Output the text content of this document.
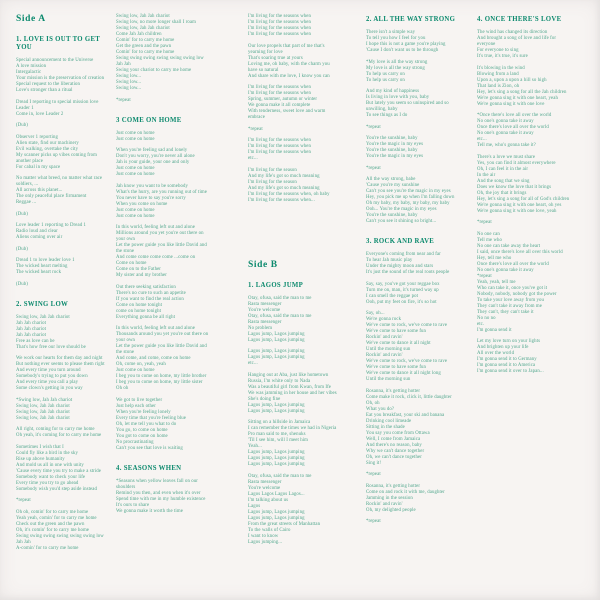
Side A
1. LOVE IS OUT TO GET YOU
Special announcement to the Universe
A love mission
Intergalactic
Your mission is the preservation of creation
Special request to the liberation
Love's stronger than a ritual
Dread I reporting to special mission love
Leader 1
Come in, love Leader 2
(Dub)
Observer 1 reporting
Alien state, find our machinery
Evil walking, overtake the city
My scanner picks up vibes coming from
another place
For cabal in my space
No matter what breed, no matter what race
soldiers, ...
All across this planet...
The only peaceful place firmament
Reggae ...
(Dub)
Love leader 1 reporting to Dread 1
Radio loud and clear
Aliens coming over air
(Dub)
Dread 1 to love leader love 1
The wicked heart melting
The wicked heart rock
(Dub)
2. SWING LOW
Swing low, Jah Jah chariot
Jah Jah chariot
Jah Jah chariot
Jah Jah chariot
Free as love can be
That's how free our love should be
We work our hearts for them day and night
But nothing ever seems to please them right
And every time you turn around
Somebody's trying to put you down
And every time you call a play
Some clown's getting in you way
*Swing low, Jah Jah chariot
Swing low, Jah Jah chariot
Swing low, Jah Jah chariot
Swing low, Jah Jah chariot
All right, coming for to carry me home
Oh yeah, it's coming for to carry me home
Sometimes I wish that I
Could fly like a bird in the sky
Rise up above humanity
And mold us all in one with unity
'Cause every time you try to make a stride
Somebody want to check your life
Every time you try to go ahead
Somebody wish you'd step aside instead
*repeat
Oh oh, comin' for to carry me home
Yeah yeah, comin' for to carry me home
Check out the green and the pawn
Oh, it's comin' for to carry me home
Swing swing swing swing swing swing low
Jah Jah
A-comin' for to carry me home
Swing low, Jah Jah chariot
Swing low, no more longer shall I roam
Swing low, Jah Jah chariot
Come Jah Jah children
Comin' for to carry me home
Get the green and the pawn
Comin' for to carry me home
Swing swing swing swing swing swing low
Jah Jah
Swing your chariot to carry me home
Swing low...
Swing low...
Swing low...
*repeat
3 COME ON HOME
Just come on home
Just come on home
When you're feeling sad and lonely
Don't you worry, you're never all alone
Jah is your guide, your one and only
Just come on home
Just come on home
Jah know you want to be somebody
What's the hurry, are you running out of time
You never have to say you're sorry
When you come on home
Just come on home
Just come on home
In this world, feeling left out and alone
Millions around you yet you're out there on
your own
Let the power guide you like little David and
the stone
And come come come come ...come on
Come on home
Come on to the Father
My sister and my brother
Out there seeking satisfaction
There's no cure to such an appetite
If you want to find the real action
Come on home tonight
come on home tonight
Everything gonna be all right
In this world, feeling left out and alone
Thousands around you yet you're out there on
your own
Let the power guide you like little David and
the stone
And come, and come, come on home
Oh, come on, yeah, yeah
Just come on home
I beg you to come on home, my little brother
I beg you to come on home, my little sister
Oh oh
We got to live together
Just help each other
When you're feeling lonely
Every time that you're feeling blue
Oh, let me tell you what to do
You go, to come on home
You got to come on home
No procrastinating
Can't you see that love is waiting
4. SEASONS WHEN
*Seasons when yellow leaves fall on our
shoulders
Remind you then, and even when it's over
Spend time with me in my humble existence
It's ours to share
We gonna make it worth the time
I'm living for the seasons when
I'm living for the seasons when
I'm living for the seasons when
I'm living for the seasons when
Our love propels that part of me that's
yearning for love
That's soaring true at yours
Loving me, oh baby, with the charm you
have so natural
And share with me love, I know you can
I'm living for the seasons when
I'm living for the seasons when
Spring, summer, autumn or winter
We gonna make it all complete
With tenderness, sweet love and warm
embrace
*repeat
I'm living for the seasons when
I'm living for the seasons when
I'm living for the seasons when
etc...
I'm living for the season
And my life's got so much meaning
I'm living for the season
And my life's got so much meaning
I'm living for the seasons when, oh baby
I'm living for the seasons when...
Side B
1. LAGOS JUMP
Otay, ofusa, said the man to me
Rasta messenger
You're welcome
Otay, ofusa, said the man to me
Rasta messenger
No problem
Lagos jump, Lagos jumping
Lagos jump, Lagos jumping
Lagos jump, Lagos jumping
Lagos jump, Lagos jumping
etc...
Hanging out at Aba, just like hometown
Russia, I'm white only to Nada
Was a beautiful girl from Kwan, from Ife
We was jamming in her house and her vibes
She's doing fine
Lagos jump, Lagos jumping
Lagos jump, Lagos jumping
Sitting on a hillside in Jamaica
I can remember the times we had in Nigeria
Pro man said to me, shenuks
'Til I see him, will I meet him
Yeah...
Lagos jump, Lagos jumping
Lagos jump, Lagos jumping
Lagos jump, Lagos jumping
Otay, ofusa, said the man to me
Rasta messenger
You're welcome
Lagos Lagos Lagos Lagos...
I'm talking about us
Lagos
Lagos jump, Lagos jumping
Lagos jump, Lagos jumping
From the great streets of Manhattan
To the walls of Cairo
I want to know
Lagos jumping...
2. ALL THE WAY STRONG
There isn't a simple way
To tell you how I feel for you
I hope this is not a game you're playing
'Cause I don't want us to be through
*My love is all the way strong
My love is all the way strong
To help us carry on
To help us carry on
And my kind of happiness
Is living in love with you, baby
But lately you seem so uninspired and so
unwilling, baby
To see things as I do
*repeat
You're the sunshine, baby
You're the magic in my eyes
You're the sunshine, baby
You're the magic in my eyes
*repeat
All the way strong, babe
'Cause you're my sunshine
Can't you see you're the magic in my eyes
Hey, you pick me up when I'm falling down
Oh my baby, my baby, my baby, my baby
Ooh... You're the magic in my eyes
You're the sunshine, baby
Can't you see it shining so bright...
3. ROCK AND RAVE
Everyone's coming from near and far
To hear Jah music play
Under the mighty moon and stars
It's just the sound of the real roots people
Say, say, you've got your reggae box
Turn me on, man, it's turned way up
I can smell the reggae pot
Ooh, put my feet on fire, it's so hot
Say, oh...
We're gonna rock
We've come to rock, we've come to rave
We've come to have some fun
Rockin' and ravin'
We've come to dance it all night
Until the morning sun
Rockin' and ravin'
We've come to rock, we've come to rave
We've come to have some fun
We've come to dance it all night long
Until the morning sun
Rosanna, it's getting hotter
Come make it rock, click it, little daughter
Oh, oh
What you do?
Eat you breakfast, your ski and banana
Drinking cool limeade
Sitting in the shade
You say you come from Ottawa
Well, I come from Jamaica
And there's no reason, baby
Why we can't dance together
Oh, we can't dance together
Sing it!
*repeat
Rosanna, it's getting hotter
Come on and rock it with me, daughter
Jamming in the session
Rockin' and ravin'
Oh, my delighted people
*repeat
4. ONCE THERE'S LOVE
The wind has changed its direction
And brought a song of love and life for
everyone
For everyone to sing
It's true, it's true, it's sure
It's blowing in the wind
Blowing from a land
Upon a, upon a upon a hill so high
That land is Zion, oh
Hey, let's sing a song for all the Jah children
We're gonna sing it with one heart, yeah
We're gonna sing it with one love
*Once there's love all over the world
No one's gonna take it away
Once there's love all over the world
No one's gonna take it away
etc...
Tell me, who's gonna take it?
There's a love we must share
Yes, you can find it almost everywhere
Oh, I can feel it in the air
In the air
And the song that we sing
Does we know the love that it brings
Oh, the joy that it brings
Hey, let's sing a song for all of God's children
We're gonna sing it with one heart, oh yes
We're gonna sing it with one love, yeah
*repeat
No one can
Tell me who
No one can take away the heart
I said, once there's love all over this world
Hey, tell me who
Once there's love all over the world
No one's gonna take it away
*repeat
Yeah, yeah, tell me
Who can take it, once you've got it
Nobody, nobody, nobody got the power
To take your love away from you
They can't take it away from me
They can't, they can't take it
No no no
etc.
I'm gonna send it
Let my love turn on your lights
And brighten up your life
All over the world
I'm gonna send it to Germany
I'm gonna send it to America
I'm gonna send it over to Japan...
